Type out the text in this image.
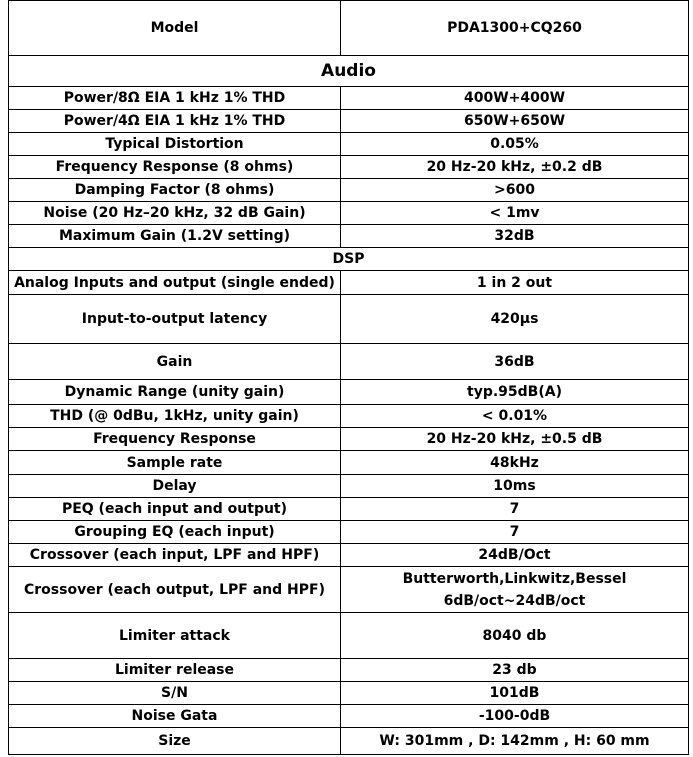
Model	PDA1300+CQ260
Audio	
Power/8Ω EIA 1 kHz 1% THD	400W+400W
Power/4Ω EIA 1 kHz 1% THD	650W+650W
Typical Distortion	0.05%
Frequency Response (8 ohms)	20 Hz-20 kHz, ±0.2 dB
Damping Factor (8 ohms)	>600
Noise (20 Hz–20 kHz, 32 dB Gain)	< 1mv
Maximum Gain (1.2V setting)	32dB
DSP	
Analog Inputs and output (single ended)	1 in 2 out
Input-to-output latency	420μs
Gain	36dB
Dynamic Range (unity gain)	typ.95dB(A)
THD (@ 0dBu, 1kHz, unity gain)	< 0.01%
Frequency Response	20 Hz-20 kHz, ±0.5 dB
Sample rate	48kHz
Delay	10ms
PEQ (each input and output)	7
Grouping EQ (each input)	7
Crossover (each input, LPF and HPF)	24dB/Oct
Crossover (each output, LPF and HPF)	Butterworth,Linkwitz,Bessel
6dB/oct~24dB/oct

Limiter attack	8040 db
Limiter release	23 db
S/N	101dB
Noise Gata	-100-0dB
Size	W: 301mm , D: 142mm , H: 60 mm
